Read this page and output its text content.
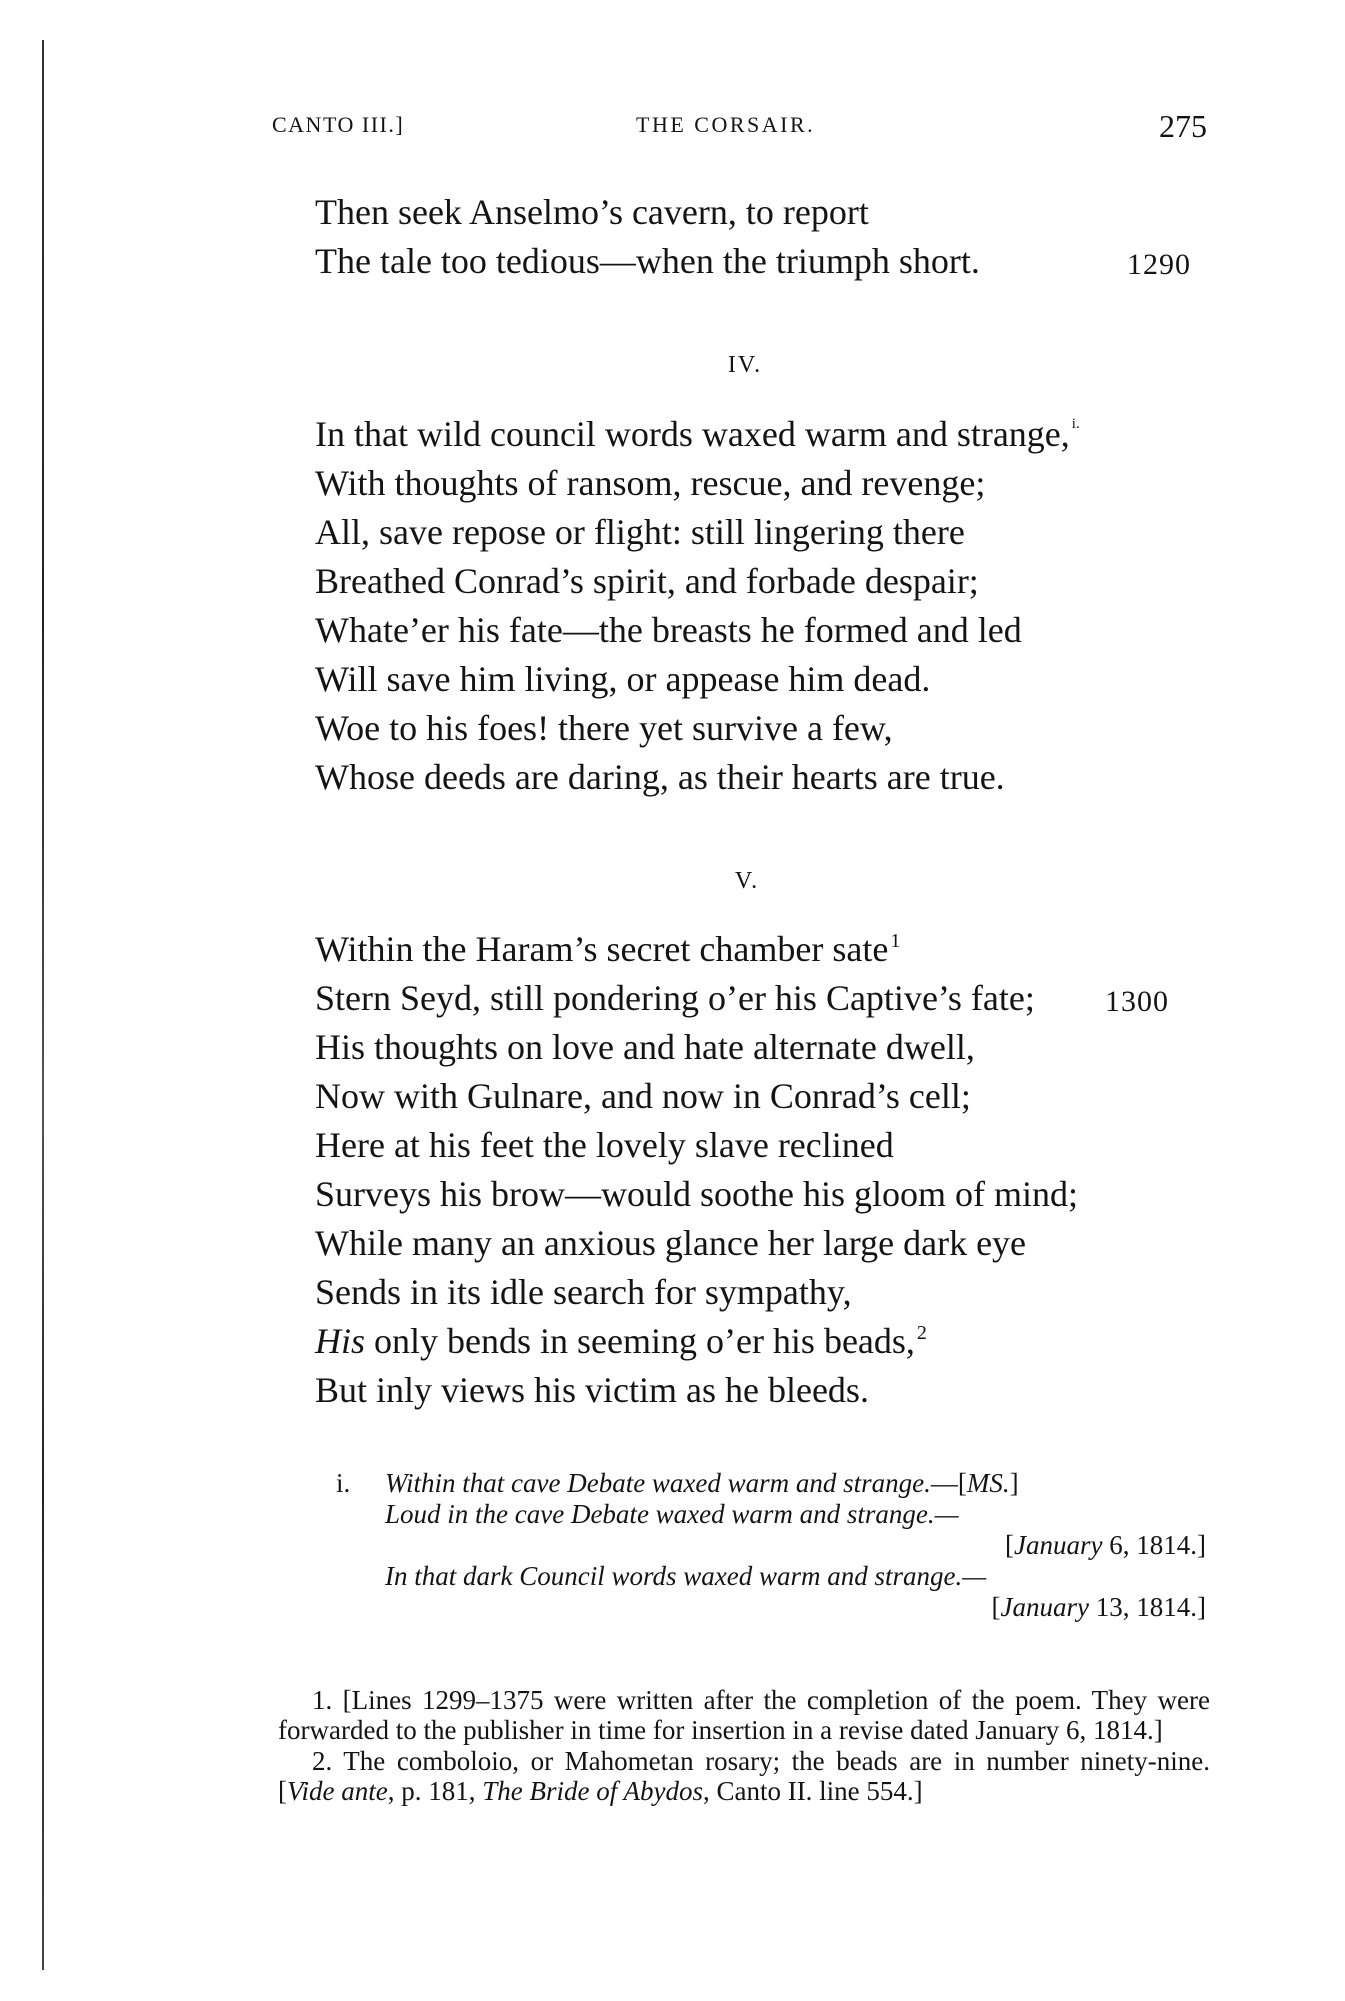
CANTO III.]	THE CORSAIR.	275
Then seek Anselmo’s cavern, to report
The tale too tedious—when the triumph short.	1290
IV.
In that wild council words waxed warm and strange, $^{i.}$
With thoughts of ransom, rescue, and revenge;
All, save repose or flight: still lingering there
Breathed Conrad’s spirit, and forbade despair;
Whate’er his fate—the breasts he formed and led
Will save him living, or appease him dead.
Woe to his foes! there yet survive a few,
Whose deeds are daring, as their hearts are true.
V.
Within the Haram’s secret chamber sate $^1$
Stern Seyd, still pondering o’er his Captive’s fate; 1300
His thoughts on love and hate alternate dwell,
Now with Gulnare, and now in Conrad’s cell;
Here at his feet the lovely slave reclined
Surveys his brow—would soothe his gloom of mind;
While many an anxious glance her large dark eye
Sends in its idle search for sympathy,
His only bends in seeming o’er his beads, $^2$
But inly views his victim as he bleeds.
i. Within that cave Debate waxed warm and strange.—[MS.]
Loud in the cave Debate waxed warm and strange.—
[January 6, 1814.]
In that dark Council words waxed warm and strange.—
[January 13, 1814.]

1. [Lines 1299–1375 were written after the completion of the poem. They were forwarded to the publisher in time for insertion in a revise dated January 6, 1814.]

2. The comboloio, or Mahometan rosary; the beads are in number ninety-nine. [Vide ante, p. 181, The Bride of Abydos, Canto II. line 554.]
